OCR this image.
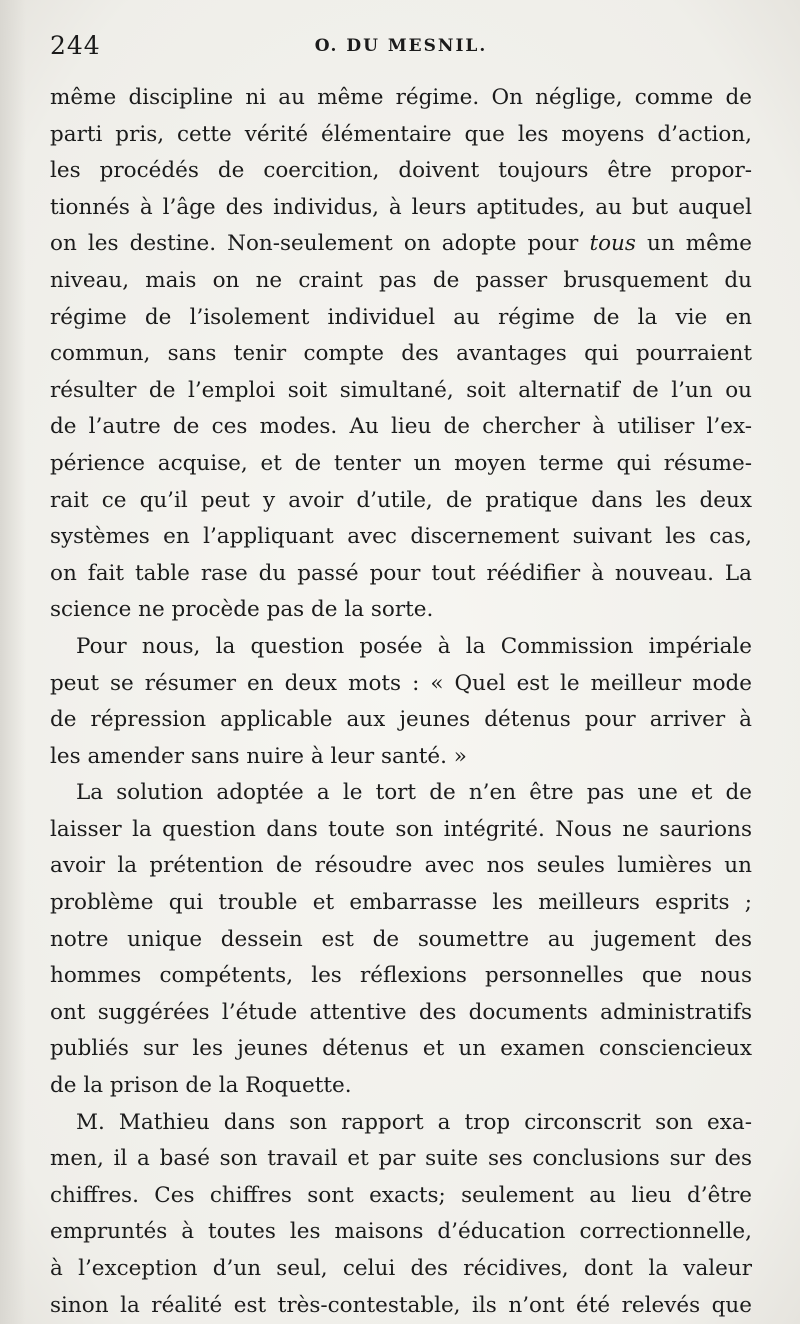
244	O. DU MESNIL.
même discipline ni au même régime. On néglige, comme de
parti pris, cette vérité élémentaire que les moyens d’action,
les procédés de coercition, doivent toujours être propor-
tionnés à l’âge des individus, à leurs aptitudes, au but auquel
on les destine. Non-seulement on adopte pour tous un même
niveau, mais on ne craint pas de passer brusquement du
régime de l’isolement individuel au régime de la vie en
commun, sans tenir compte des avantages qui pourraient
résulter de l’emploi soit simultané, soit alternatif de l’un ou
de l’autre de ces modes. Au lieu de chercher à utiliser l’ex-
périence acquise, et de tenter un moyen terme qui résume-
rait ce qu’il peut y avoir d’utile, de pratique dans les deux
systèmes en l’appliquant avec discernement suivant les cas,
on fait table rase du passé pour tout réédifier à nouveau. La
science ne procède pas de la sorte.
Pour nous, la question posée à la Commission impériale
peut se résumer en deux mots : « Quel est le meilleur mode
de répression applicable aux jeunes détenus pour arriver à
les amender sans nuire à leur santé. »
La solution adoptée a le tort de n’en être pas une et de
laisser la question dans toute son intégrité. Nous ne saurions
avoir la prétention de résoudre avec nos seules lumières un
problème qui trouble et embarrasse les meilleurs esprits ;
notre unique dessein est de soumettre au jugement des
hommes compétents, les réflexions personnelles que nous
ont suggérées l’étude attentive des documents administratifs
publiés sur les jeunes détenus et un examen consciencieux
de la prison de la Roquette.
M. Mathieu dans son rapport a trop circonscrit son exa-
men, il a basé son travail et par suite ses conclusions sur des
chiffres. Ces chiffres sont exacts; seulement au lieu d’être
empruntés à toutes les maisons d’éducation correctionnelle,
à l’exception d’un seul, celui des récidives, dont la valeur
sinon la réalité est très-contestable, ils n’ont été relevés que
